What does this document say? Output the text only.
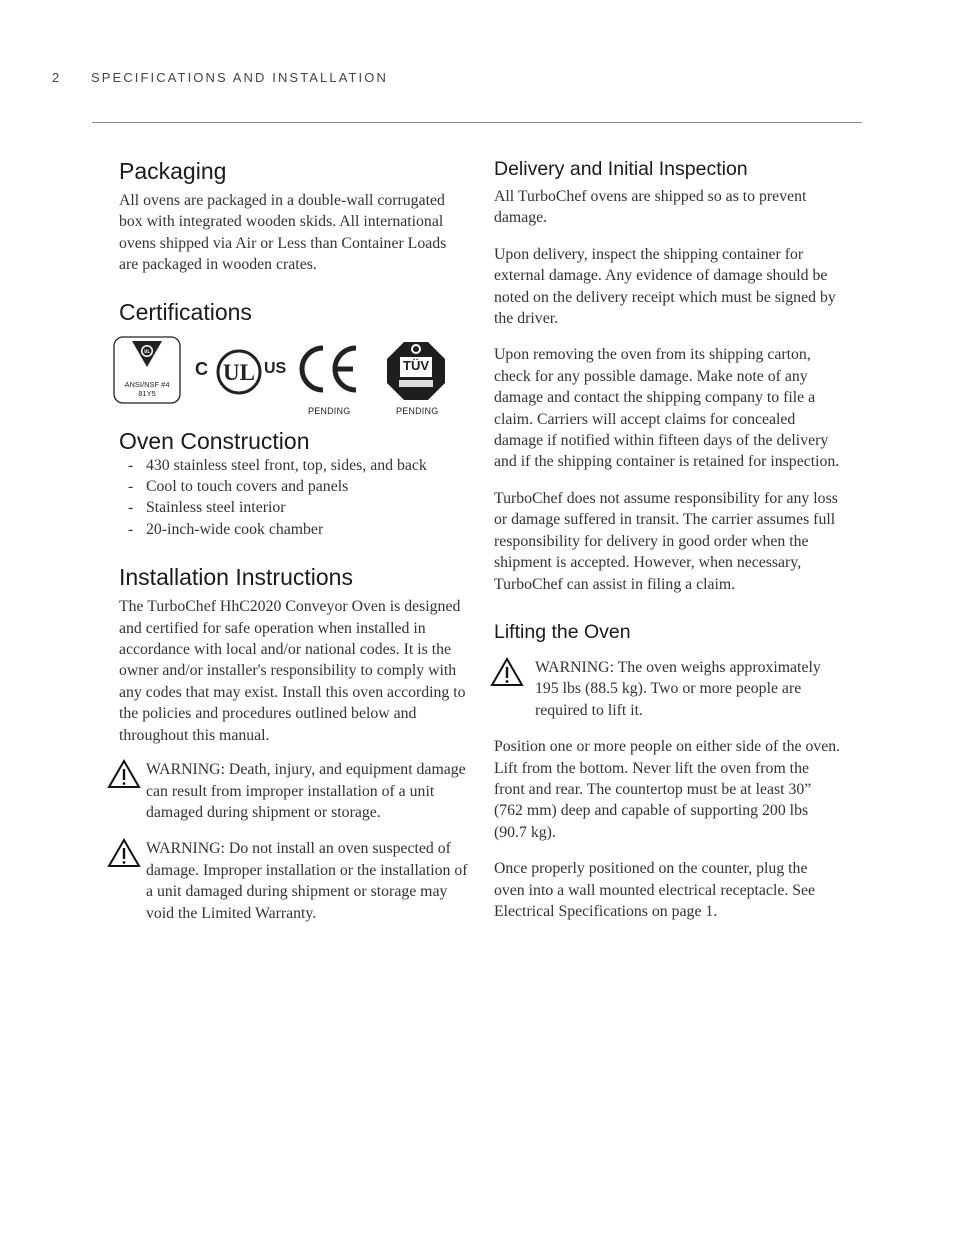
2 SPECIFICATIONS AND INSTALLATION
Packaging

All ovens are packaged in a double-wall corrugated box with integrated wooden skids. All international ovens shipped via Air or Less than Container Loads are packaged in wooden crates.

Certifications
UL
ANSI/NSF #4
81Y5
C UL US
PENDING
TÜV
PENDING
Oven Construction
- 430 stainless steel front, top, sides, and back
- Cool to touch covers and panels
- Stainless steel interior
- 20-inch-wide cook chamber
Installation Instructions

The TurboChef HhC2020 Conveyor Oven is designed and certified for safe operation when installed in accordance with local and/or national codes. It is the owner and/or installer's responsibility to comply with any codes that may exist. Install this oven according to the policies and procedures outlined below and throughout this manual.

WARNING: Death, injury, and equipment damage can result from improper installation of a unit damaged during shipment or storage.

WARNING: Do not install an oven suspected of damage. Improper installation or the installation of a unit damaged during shipment or storage may void the Limited Warranty.

Delivery and Initial Inspection

All TurboChef ovens are shipped so as to prevent damage.

Upon delivery, inspect the shipping container for external damage. Any evidence of damage should be noted on the delivery receipt which must be signed by the driver.

Upon removing the oven from its shipping carton, check for any possible damage. Make note of any damage and contact the shipping company to file a claim. Carriers will accept claims for concealed damage if notified within fifteen days of the delivery and if the shipping container is retained for inspection.

TurboChef does not assume responsibility for any loss or damage suffered in transit. The carrier assumes full responsibility for delivery in good order when the shipment is accepted. However, when necessary, TurboChef can assist in filing a claim.

Lifting the Oven

WARNING: The oven weighs approximately 195 lbs (88.5 kg). Two or more people are required to lift it.

Position one or more people on either side of the oven. Lift from the bottom. Never lift the oven from the front and rear. The countertop must be at least 30” (762 mm) deep and capable of supporting 200 lbs (90.7 kg).

Once properly positioned on the counter, plug the oven into a wall mounted electrical receptacle. See Electrical Specifications on page 1.
